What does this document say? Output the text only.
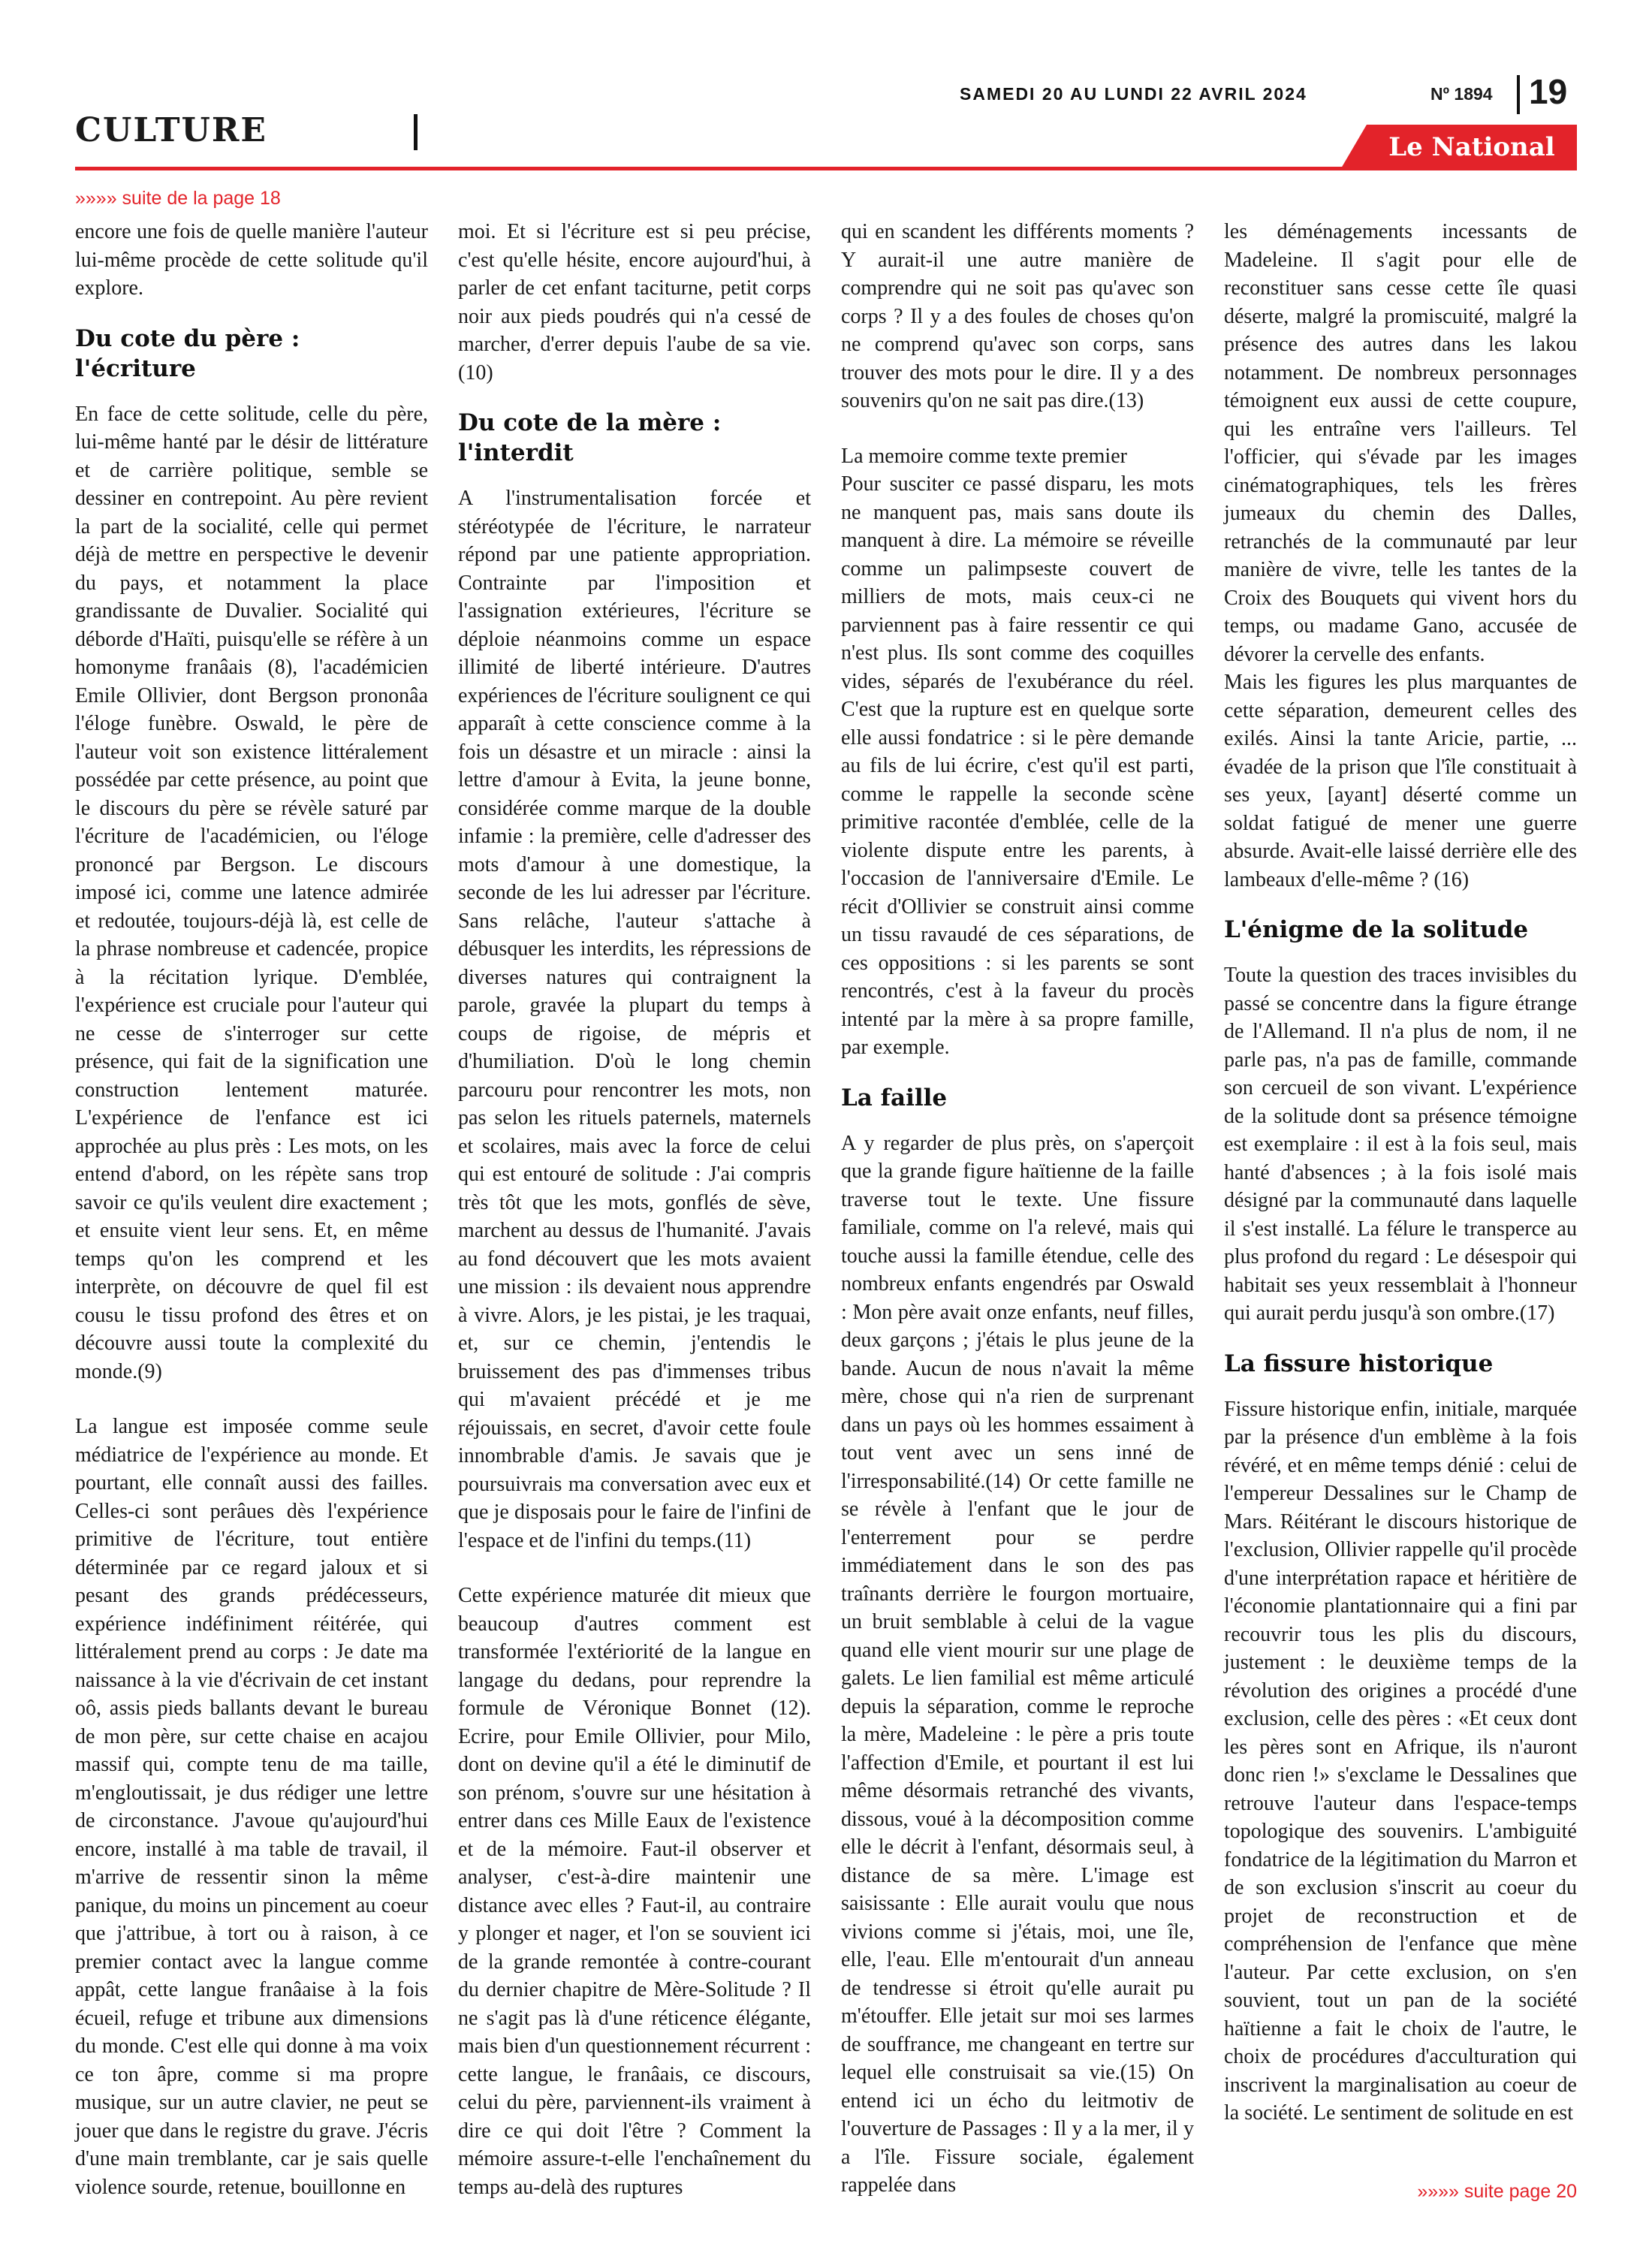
SAMEDI 20 AU LUNDI 22 AVRIL 2024	Nº 1894	19
CULTURE	Le National
»»»» suite de la page 18

encore une fois de quelle manière l'auteur lui-même procède de cette solitude qu'il explore.

Du cote du père : l'écriture

En face de cette solitude, celle du père, lui-même hanté par le désir de littérature et de carrière politique, semble se dessiner en contrepoint. Au père revient la part de la socialité, celle qui permet déjà de mettre en perspective le devenir du pays, et notamment la place grandissante de Duvalier. Socialité qui déborde d'Haïti, puisqu'elle se réfère à un homonyme franâais (8), l'académicien Emile Ollivier, dont Bergson prononâa l'éloge funèbre. Oswald, le père de l'auteur voit son existence littéralement possédée par cette présence, au point que le discours du père se révèle saturé par l'écriture de l'académicien, ou l'éloge prononcé par Bergson. Le discours imposé ici, comme une latence admirée et redoutée, toujours-déjà là, est celle de la phrase nombreuse et cadencée, propice à la récitation lyrique. D'emblée, l'expérience est cruciale pour l'auteur qui ne cesse de s'interroger sur cette présence, qui fait de la signification une construction lentement maturée. L'expérience de l'enfance est ici approchée au plus près : Les mots, on les entend d'abord, on les répète sans trop savoir ce qu'ils veulent dire exactement ; et ensuite vient leur sens. Et, en même temps qu'on les comprend et les interprète, on découvre de quel fil est cousu le tissu profond des êtres et on découvre aussi toute la complexité du monde.(9)

La langue est imposée comme seule médiatrice de l'expérience au monde. Et pourtant, elle connaît aussi des failles. Celles-ci sont perâues dès l'expérience primitive de l'écriture, tout entière déterminée par ce regard jaloux et si pesant des grands prédécesseurs, expérience indéfiniment réitérée, qui littéralement prend au corps : Je date ma naissance à la vie d'écrivain de cet instant oô, assis pieds ballants devant le bureau de mon père, sur cette chaise en acajou massif qui, compte tenu de ma taille, m'engloutissait, je dus rédiger une lettre de circonstance. J'avoue qu'aujourd'hui encore, installé à ma table de travail, il m'arrive de ressentir sinon la même panique, du moins un pincement au coeur que j'attribue, à tort ou à raison, à ce premier contact avec la langue comme appât, cette langue franâaise à la fois écueil, refuge et tribune aux dimensions du monde. C'est elle qui donne à ma voix ce ton âpre, comme si ma propre musique, sur un autre clavier, ne peut se jouer que dans le registre du grave. J'écris d'une main tremblante, car je sais quelle violence sourde, retenue, bouillonne en

moi. Et si l'écriture est si peu précise, c'est qu'elle hésite, encore aujourd'hui, à parler de cet enfant taciturne, petit corps noir aux pieds poudrés qui n'a cessé de marcher, d'errer depuis l'aube de sa vie.(10)

Du cote de la mère : l'interdit

A l'instrumentalisation forcée et stéréotypée de l'écriture, le narrateur répond par une patiente appropriation. Contrainte par l'imposition et l'assignation extérieures, l'écriture se déploie néanmoins comme un espace illimité de liberté intérieure. D'autres expériences de l'écriture soulignent ce qui apparaît à cette conscience comme à la fois un désastre et un miracle : ainsi la lettre d'amour à Evita, la jeune bonne, considérée comme marque de la double infamie : la première, celle d'adresser des mots d'amour à une domestique, la seconde de les lui adresser par l'écriture. Sans relâche, l'auteur s'attache à débusquer les interdits, les répressions de diverses natures qui contraignent la parole, gravée la plupart du temps à coups de rigoise, de mépris et d'humiliation. D'où le long chemin parcouru pour rencontrer les mots, non pas selon les rituels paternels, maternels et scolaires, mais avec la force de celui qui est entouré de solitude : J'ai compris très tôt que les mots, gonflés de sève, marchent au dessus de l'humanité. J'avais au fond découvert que les mots avaient une mission : ils devaient nous apprendre à vivre. Alors, je les pistai, je les traquai, et, sur ce chemin, j'entendis le bruissement des pas d'immenses tribus qui m'avaient précédé et je me réjouissais, en secret, d'avoir cette foule innombrable d'amis. Je savais que je poursuivrais ma conversation avec eux et que je disposais pour le faire de l'infini de l'espace et de l'infini du temps.(11)

Cette expérience maturée dit mieux que beaucoup d'autres comment est transformée l'extériorité de la langue en langage du dedans, pour reprendre la formule de Véronique Bonnet (12). Ecrire, pour Emile Ollivier, pour Milo, dont on devine qu'il a été le diminutif de son prénom, s'ouvre sur une hésitation à entrer dans ces Mille Eaux de l'existence et de la mémoire. Faut-il observer et analyser, c'est-à-dire maintenir une distance avec elles ? Faut-il, au contraire y plonger et nager, et l'on se souvient ici de la grande remontée à contre-courant du dernier chapitre de Mère-Solitude ? Il ne s'agit pas là d'une réticence élégante, mais bien d'un questionnement récurrent : cette langue, le franâais, ce discours, celui du père, parviennent-ils vraiment à dire ce qui doit l'être ? Comment la mémoire assure-t-elle l'enchaînement du temps au-delà des ruptures

qui en scandent les différents moments ? Y aurait-il une autre manière de comprendre qui ne soit pas qu'avec son corps ? Il y a des foules de choses qu'on ne comprend qu'avec son corps, sans trouver des mots pour le dire. Il y a des souvenirs qu'on ne sait pas dire.(13)

La memoire comme texte premier

Pour susciter ce passé disparu, les mots ne manquent pas, mais sans doute ils manquent à dire. La mémoire se réveille comme un palimpseste couvert de milliers de mots, mais ceux-ci ne parviennent pas à faire ressentir ce qui n'est plus. Ils sont comme des coquilles vides, séparés de l'exubérance du réel. C'est que la rupture est en quelque sorte elle aussi fondatrice : si le père demande au fils de lui écrire, c'est qu'il est parti, comme le rappelle la seconde scène primitive racontée d'emblée, celle de la violente dispute entre les parents, à l'occasion de l'anniversaire d'Emile. Le récit d'Ollivier se construit ainsi comme un tissu ravaudé de ces séparations, de ces oppositions : si les parents se sont rencontrés, c'est à la faveur du procès intenté par la mère à sa propre famille, par exemple.

La faille

A y regarder de plus près, on s'aperçoit que la grande figure haïtienne de la faille traverse tout le texte. Une fissure familiale, comme on l'a relevé, mais qui touche aussi la famille étendue, celle des nombreux enfants engendrés par Oswald : Mon père avait onze enfants, neuf filles, deux garçons ; j'étais le plus jeune de la bande. Aucun de nous n'avait la même mère, chose qui n'a rien de surprenant dans un pays où les hommes essaiment à tout vent avec un sens inné de l'irresponsabilité.(14) Or cette famille ne se révèle à l'enfant que le jour de l'enterrement pour se perdre immédiatement dans le son des pas traînants derrière le fourgon mortuaire, un bruit semblable à celui de la vague quand elle vient mourir sur une plage de galets. Le lien familial est même articulé depuis la séparation, comme le reproche la mère, Madeleine : le père a pris toute l'affection d'Emile, et pourtant il est lui même désormais retranché des vivants, dissous, voué à la décomposition comme elle le décrit à l'enfant, désormais seul, à distance de sa mère. L'image est saisissante : Elle aurait voulu que nous vivions comme si j'étais, moi, une île, elle, l'eau. Elle m'entourait d'un anneau de tendresse si étroit qu'elle aurait pu m'étouffer. Elle jetait sur moi ses larmes de souffrance, me changeant en tertre sur lequel elle construisait sa vie.(15) On entend ici un écho du leitmotiv de l'ouverture de Passages : Il y a la mer, il y a l'île. Fissure sociale, également rappelée dans

les déménagements incessants de Madeleine. Il s'agit pour elle de reconstituer sans cesse cette île quasi déserte, malgré la promiscuité, malgré la présence des autres dans les lakou notamment. De nombreux personnages témoignent eux aussi de cette coupure, qui les entraîne vers l'ailleurs. Tel l'officier, qui s'évade par les images cinématographiques, tels les frères jumeaux du chemin des Dalles, retranchés de la communauté par leur manière de vivre, telle les tantes de la Croix des Bouquets qui vivent hors du temps, ou madame Gano, accusée de dévorer la cervelle des enfants.

Mais les figures les plus marquantes de cette séparation, demeurent celles des exilés. Ainsi la tante Aricie, partie, ... évadée de la prison que l'île constituait à ses yeux, [ayant] déserté comme un soldat fatigué de mener une guerre absurde. Avait-elle laissé derrière elle des lambeaux d'elle-même ? (16)

L'énigme de la solitude

Toute la question des traces invisibles du passé se concentre dans la figure étrange de l'Allemand. Il n'a plus de nom, il ne parle pas, n'a pas de famille, commande son cercueil de son vivant. L'expérience de la solitude dont sa présence témoigne est exemplaire : il est à la fois seul, mais hanté d'absences ; à la fois isolé mais désigné par la communauté dans laquelle il s'est installé. La félure le transperce au plus profond du regard : Le désespoir qui habitait ses yeux ressemblait à l'honneur qui aurait perdu jusqu'à son ombre.(17)

La fissure historique

Fissure historique enfin, initiale, marquée par la présence d'un emblème à la fois révéré, et en même temps dénié : celui de l'empereur Dessalines sur le Champ de Mars. Réitérant le discours historique de l'exclusion, Ollivier rappelle qu'il procède d'une interprétation rapace et héritière de l'économie plantationnaire qui a fini par recouvrir tous les plis du discours, justement : le deuxième temps de la révolution des origines a procédé d'une exclusion, celle des pères : «Et ceux dont les pères sont en Afrique, ils n'auront donc rien !» s'exclame le Dessalines que retrouve l'auteur dans l'espace-temps topologique des souvenirs. L'ambiguité fondatrice de la légitimation du Marron et de son exclusion s'inscrit au coeur du projet de reconstruction et de compréhension de l'enfance que mène l'auteur. Par cette exclusion, on s'en souvient, tout un pan de la société haïtienne a fait le choix de l'autre, le choix de procédures d'acculturation qui inscrivent la marginalisation au coeur de la société. Le sentiment de solitude en est

»»»» suite page 20
